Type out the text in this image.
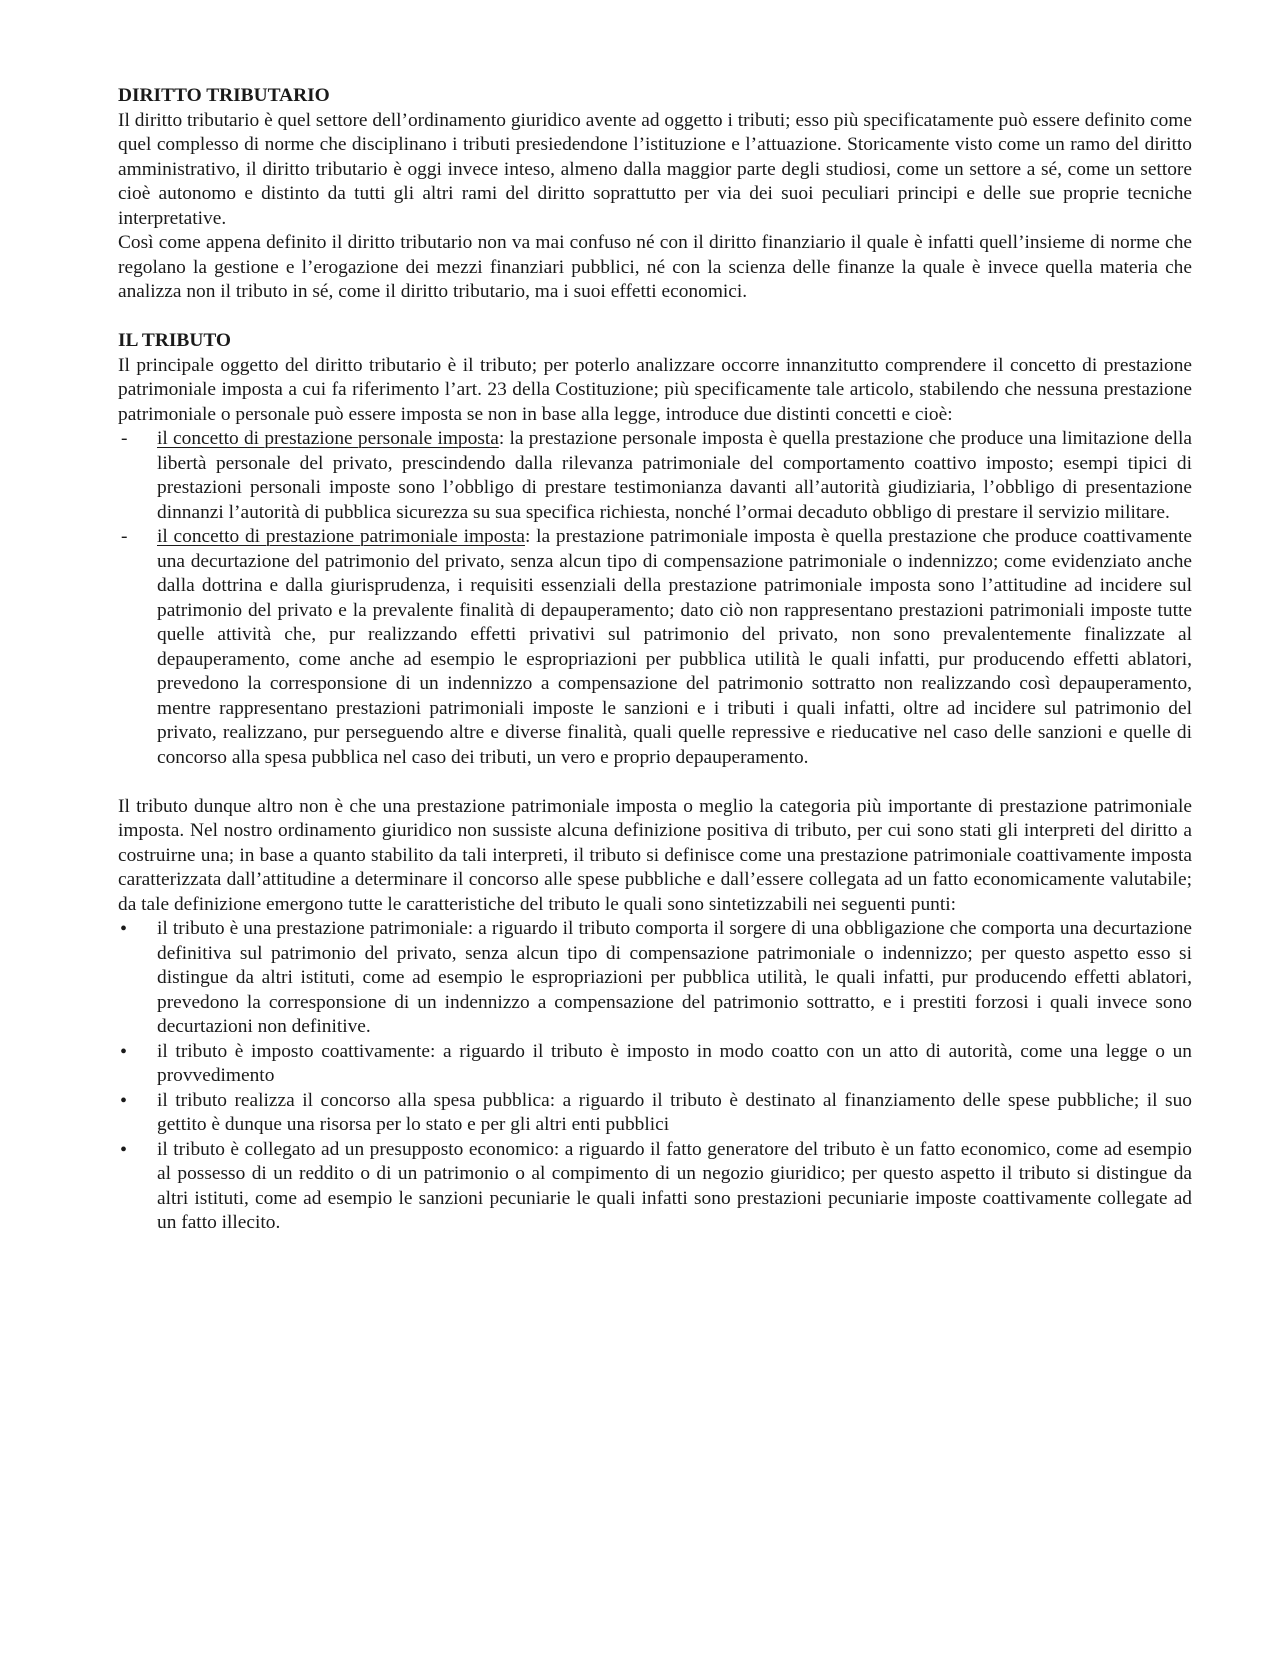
DIRITTO TRIBUTARIO

Il diritto tributario è quel settore dell’ordinamento giuridico avente ad oggetto i tributi; esso più specificatamente può essere definito come quel complesso di norme che disciplinano i tributi presiedendone l’istituzione e l’attuazione. Storicamente visto come un ramo del diritto amministrativo, il diritto tributario è oggi invece inteso, almeno dalla maggior parte degli studiosi, come un settore a sé, come un settore cioè autonomo e distinto da tutti gli altri rami del diritto soprattutto per via dei suoi peculiari principi e delle sue proprie tecniche interpretative.

Così come appena definito il diritto tributario non va mai confuso né con il diritto finanziario il quale è infatti quell’insieme di norme che regolano la gestione e l’erogazione dei mezzi finanziari pubblici, né con la scienza delle finanze la quale è invece quella materia che analizza non il tributo in sé, come il diritto tributario, ma i suoi effetti economici.

IL TRIBUTO

Il principale oggetto del diritto tributario è il tributo; per poterlo analizzare occorre innanzitutto comprendere il concetto di prestazione patrimoniale imposta a cui fa riferimento l’art. 23 della Costituzione; più specificamente tale articolo, stabilendo che nessuna prestazione patrimoniale o personale può essere imposta se non in base alla legge, introduce due distinti concetti e cioè:

- il concetto di prestazione personale imposta: la prestazione personale imposta è quella prestazione che produce una limitazione della libertà personale del privato, prescindendo dalla rilevanza patrimoniale del comportamento coattivo imposto; esempi tipici di prestazioni personali imposte sono l’obbligo di prestare testimonianza davanti all’autorità giudiziaria, l’obbligo di presentazione dinnanzi l’autorità di pubblica sicurezza su sua specifica richiesta, nonché l’ormai decaduto obbligo di prestare il servizio militare.
- il concetto di prestazione patrimoniale imposta: la prestazione patrimoniale imposta è quella prestazione che produce coattivamente una decurtazione del patrimonio del privato, senza alcun tipo di compensazione patrimoniale o indennizzo; come evidenziato anche dalla dottrina e dalla giurisprudenza, i requisiti essenziali della prestazione patrimoniale imposta sono l’attitudine ad incidere sul patrimonio del privato e la prevalente finalità di depauperamento; dato ciò non rappresentano prestazioni patrimoniali imposte tutte quelle attività che, pur realizzando effetti privativi sul patrimonio del privato, non sono prevalentemente finalizzate al depauperamento, come anche ad esempio le espropriazioni per pubblica utilità le quali infatti, pur producendo effetti ablatori, prevedono la corresponsione di un indennizzo a compensazione del patrimonio sottratto non realizzando così depauperamento, mentre rappresentano prestazioni patrimoniali imposte le sanzioni e i tributi i quali infatti, oltre ad incidere sul patrimonio del privato, realizzano, pur perseguendo altre e diverse finalità, quali quelle repressive e rieducative nel caso delle sanzioni e quelle di concorso alla spesa pubblica nel caso dei tributi, un vero e proprio depauperamento.

Il tributo dunque altro non è che una prestazione patrimoniale imposta o meglio la categoria più importante di prestazione patrimoniale imposta. Nel nostro ordinamento giuridico non sussiste alcuna definizione positiva di tributo, per cui sono stati gli interpreti del diritto a costruirne una; in base a quanto stabilito da tali interpreti, il tributo si definisce come una prestazione patrimoniale coattivamente imposta caratterizzata dall’attitudine a determinare il concorso alle spese pubbliche e dall’essere collegata ad un fatto economicamente valutabile; da tale definizione emergono tutte le caratteristiche del tributo le quali sono sintetizzabili nei seguenti punti:

• il tributo è una prestazione patrimoniale: a riguardo il tributo comporta il sorgere di una obbligazione che comporta una decurtazione definitiva sul patrimonio del privato, senza alcun tipo di compensazione patrimoniale o indennizzo; per questo aspetto esso si distingue da altri istituti, come ad esempio le espropriazioni per pubblica utilità, le quali infatti, pur producendo effetti ablatori, prevedono la corresponsione di un indennizzo a compensazione del patrimonio sottratto, e i prestiti forzosi i quali invece sono decurtazioni non definitive.
• il tributo è imposto coattivamente: a riguardo il tributo è imposto in modo coatto con un atto di autorità, come una legge o un provvedimento
• il tributo realizza il concorso alla spesa pubblica: a riguardo il tributo è destinato al finanziamento delle spese pubbliche; il suo gettito è dunque una risorsa per lo stato e per gli altri enti pubblici
• il tributo è collegato ad un presupposto economico: a riguardo il fatto generatore del tributo è un fatto economico, come ad esempio al possesso di un reddito o di un patrimonio o al compimento di un negozio giuridico; per questo aspetto il tributo si distingue da altri istituti, come ad esempio le sanzioni pecuniarie le quali infatti sono prestazioni pecuniarie imposte coattivamente collegate ad un fatto illecito.
